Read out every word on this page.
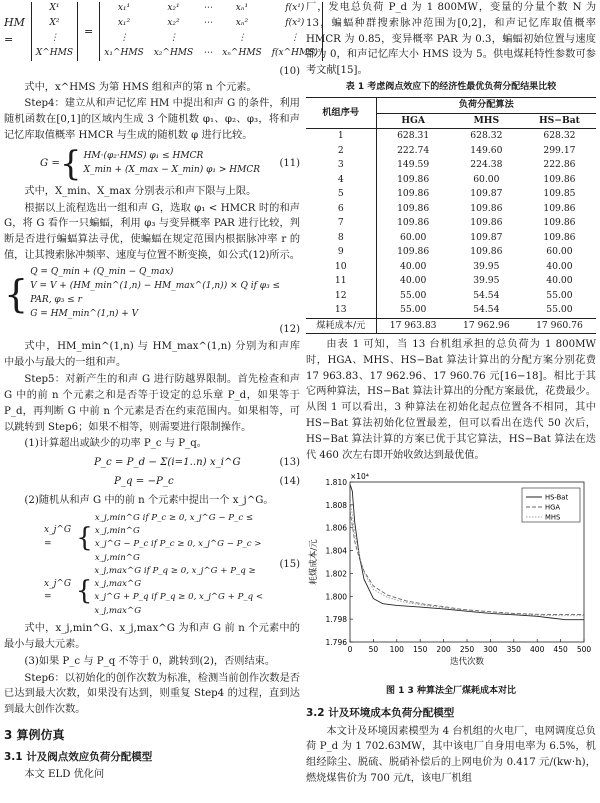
HM =
X¹
X²
⋮
X^HMS
=
x₁¹	x₂¹	⋯	xₙ¹	f(x¹)
x₁²	x₂²	⋯	xₙ²	f(x²)
⋮	⋮	⋮	⋮
x₁^HMS x₂^HMS ⋯ xₙ^HMS f(x^HMS)
(10)

式中，x^HMS 为第 HMS 组和声的第 n 个元素。

Step4：建立从和声记忆库 HM 中提出和声 G 的条件，利用随机函数在[0,1]的区域内生成 3 个随机数 φ₁、φ₂、φ₃，将和声记忆库取值概率 HMCR 与生成的随机数 φ 进行比较。

G = { HM·(φ₂·HMS) φ₁ ≤ HMCR
X_min + (X_max − X_min) φ₁ > HMCR
(11)

式中，X_min、X_max 分别表示和声下限与上限。

根据以上流程选出一组和声 G，选取 φ₁ < HMCR 时的和声 G，将 G 看作一只蝙蝠，利用 φ₃ 与变异概率 PAR 进行比较，判断是否进行蝙蝠算法寻优，使蝙蝠在规定范围内根据脉冲率 r 的值，让其搜索脉冲频率、速度与位置不断变换，如公式(12)所示。

{ Q = Q_min + (Q_min − Q_max)
V = V + (HM_min^(1,n) − HM_max^(1,n)) × Q if φ₃ ≤ PAR, φ₃ ≤ r
G = HM_min^(1,n) + V
(12)

式中，HM_min^(1,n) 与 HM_max^(1,n) 分别为和声库中最小与最大的一组和声。

Step5：对新产生的和声 G 进行防越界限制。首先检查和声 G 中的前 n 个元素之和是否等于设定的总乐章 P_d，如果等于 P_d，再判断 G 中前 n 个元素是否在约束范围内。如果相等，可以跳转到 Step6；如果不相等，则需要进行限制操作。

(1)计算超出或缺少的功率 P_c 与 P_q。

P_c = P_d − Σ(i=1..n) x_i^G	(13)
P_q = −P_c	(14)

(2)随机从和声 G 中的前 n 个元素中提出一个 x_j^G。

x_j^G = {
x_j,min^G if P_c ≥ 0, x_j^G − P_c ≤ x_j,min^G
x_j^G − P_c if P_c ≥ 0, x_j^G − P_c > x_j,min^G
x_j^G = {
x_j,max^G if P_q ≥ 0, x_j^G + P_q ≥ x_j,max^G
x_j^G + P_q if P_q ≥ 0, x_j^G + P_q < x_j,max^G
(15)

式中，x_j,min^G、x_j,max^G 为和声 G 前 n 个元素中的最小与最大元素。

(3)如果 P_c 与 P_q 不等于 0，跳转到(2)，否则结束。

Step6：以初始化的创作次数为标准，检测当前创作次数是否已达到最大次数，如果没有达到，则重复 Step4 的过程，直到达到最大创作次数。

3 算例仿真
3.1 计及阀点效应负荷分配模型

本文 ELD 优化问

厂，发电总负荷 P_d 为 1 800MW，变量的分量个数 N 为 13，蝙蝠种群搜索脉冲范围为[0,2]，和声记忆库取值概率 HMCR 为 0.85，变异概率 PAR 为 0.3，蝙蝠初始位置与速度都为 0，和声记忆库大小 HMS 设为 5。供电煤耗特性参数可参考文献[15]。

表 1 考虑阀点效应下的经济性最优负荷分配结果比较
机组序号	负荷分配算法		
	HGA	MHS	HS−Bat
1	628.31	628.32	628.32
2	222.74	149.60	299.17
3	149.59	224.38	222.86
4	109.86	60.00	109.86
5	109.86	109.87	109.85
6	109.86	109.86	109.86
7	109.86	109.86	109.86
8	60.00	109.87	109.86
9	109.86	109.86	60.00
10	40.00	39.95	40.00
11	40.00	39.95	40.00
12	55.00	54.54	55.00
13	55.00	54.54	55.00
煤耗成本/元	17 963.83	17 962.96	17 960.76

由表 1 可知，当 13 台机组承担的总负荷为 1 800MW 时，HGA、MHS、HS−Bat 算法计算出的分配方案分别花费 17 963.83、17 962.96、17 960.76 元[16−18]。相比于其它两种算法，HS−Bat 算法计算出的分配方案最优，花费最少。从图 1 可以看出，3 种算法在初始化起点位置各不相同，其中 HS−Bat 算法初始化位置最差，但可以看出在迭代 50 次后，HS−Bat 算法计算的方案已优于其它算法，HS−Bat 算法在迭代 460 次左右即开始收敛达到最优值。

1.796
1.798
1.800
1.802
1.804
1.806
1.808
1.810
0 50 100 150 200 250 300 350 400 450 500
迭代次数
耗煤成本/元
×10⁴
HS-Bat
HGA
MHS
图 1 3 种算法全厂煤耗成本对比
3.2 计及环境成本负荷分配模型

本文计及环境因素模型为 4 台机组的火电厂，电网调度总负荷 P_d 为 1 702.63MW，其中该电厂自身用电率为 6.5%，机组经除尘、脱硫、脱硝补偿后的上网电价为 0.417 元/(kw·h)，燃烧煤售价为 700 元/t，该电厂机组
